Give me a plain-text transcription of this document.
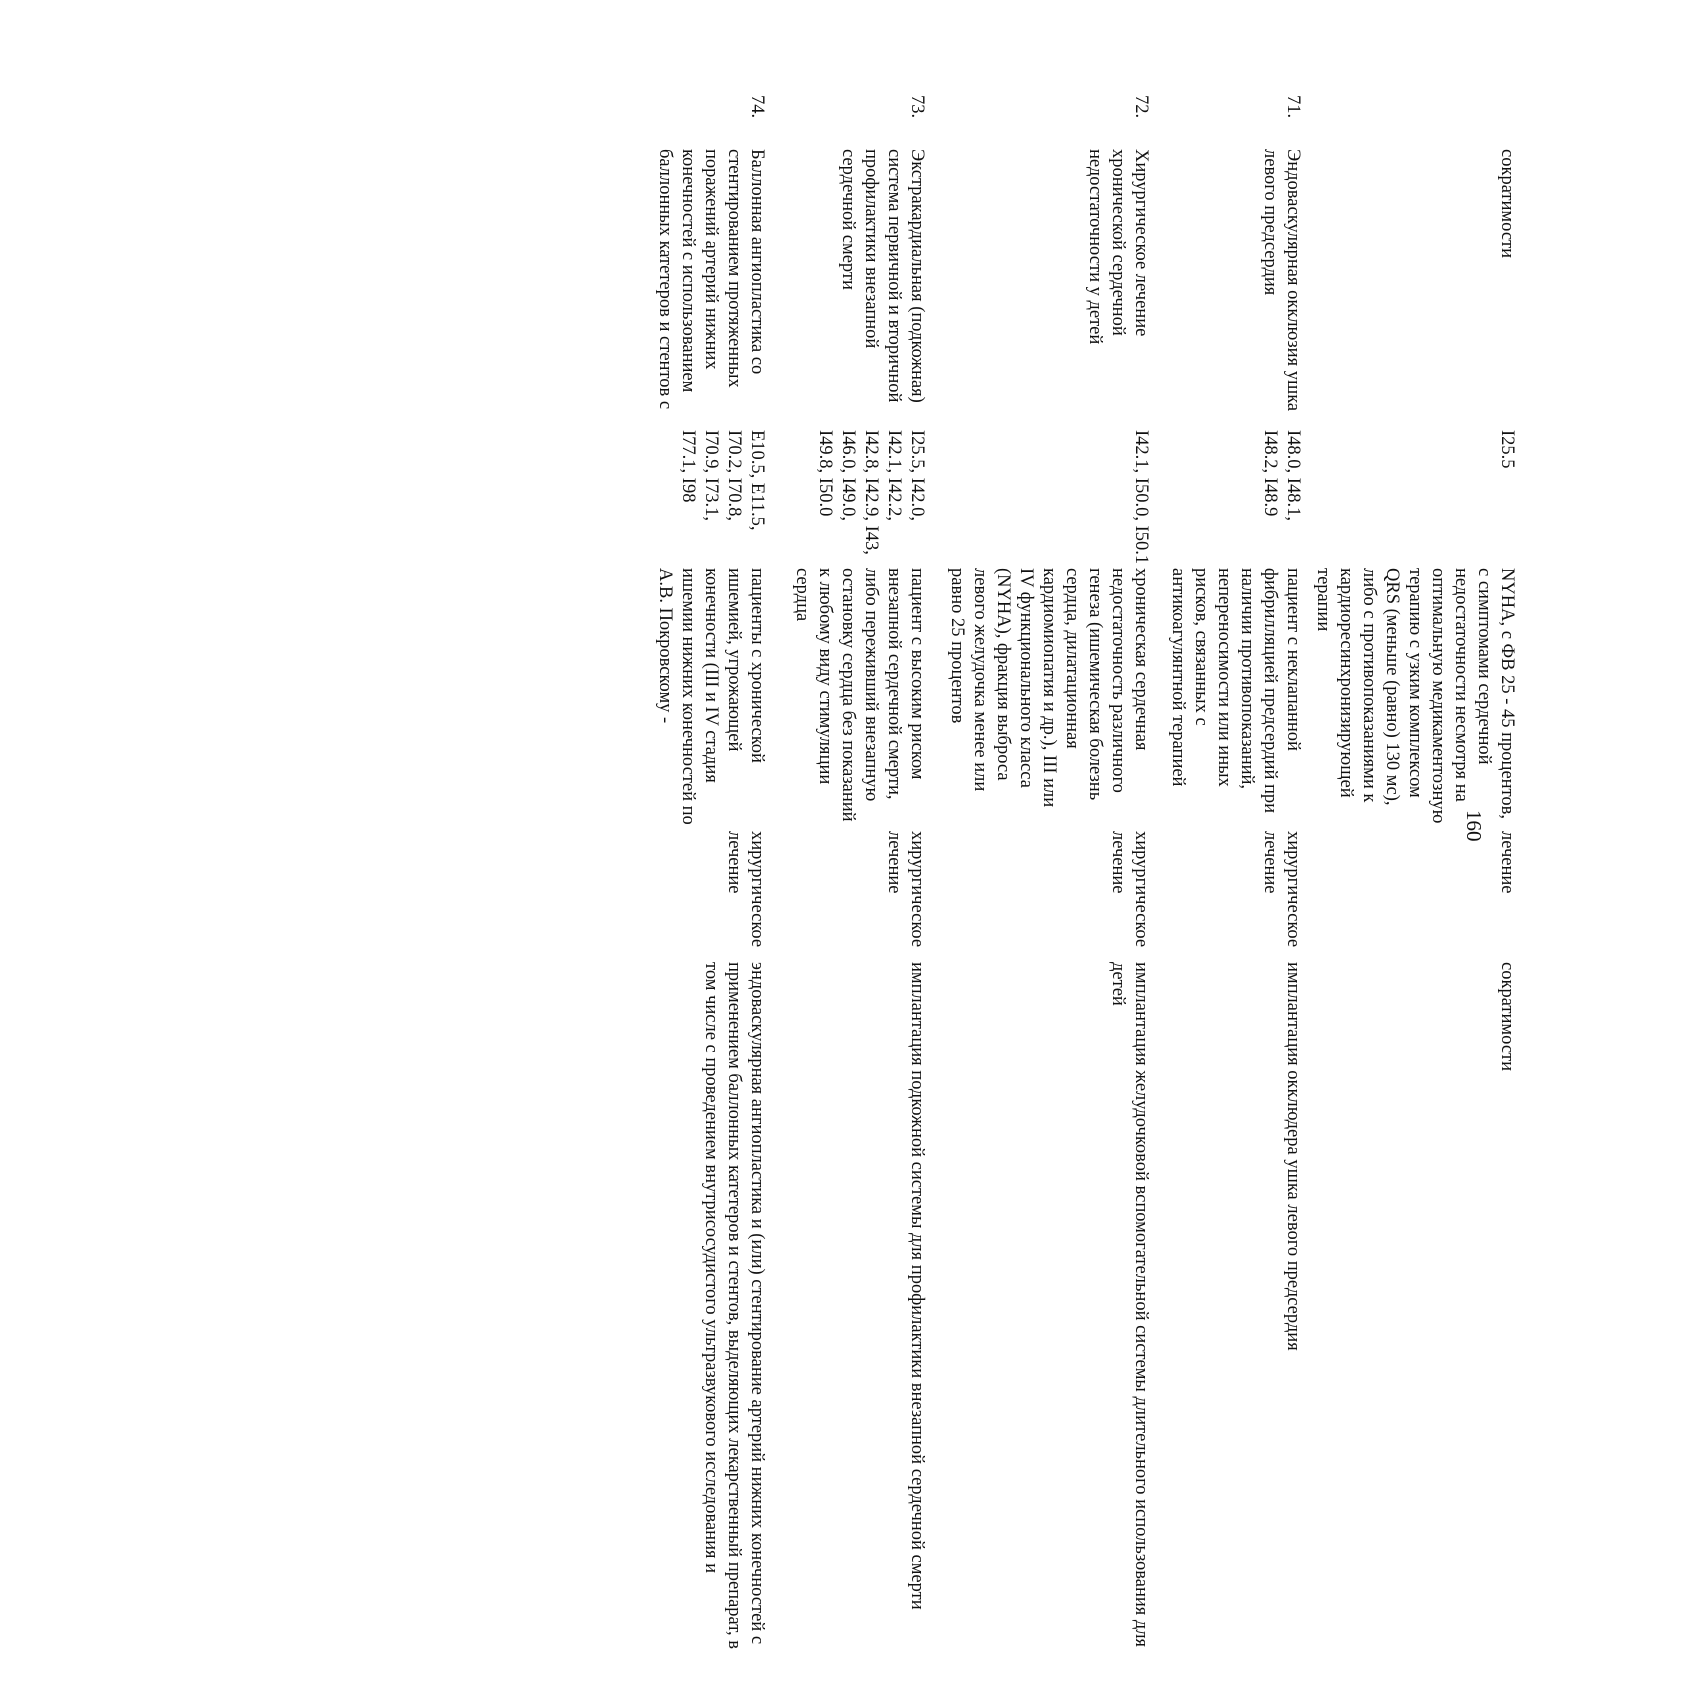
160

	сократимости	I25.5	NYHA, с ФВ 25 - 45 процентов, с симптомами сердечной недостаточности несмотря на оптимальную медикаментозную терапию с узким комплексом QRS (меньше (равно) 130 мс), либо с противопоказаниями к кардиоресинхронизирующей терапии	лечение	сократимости

71.	Эндоваскулярная окклюзия ушка левого предсердия	I48.0, I48.1, I48.2, I48.9	пациент с неклапанной фибрилляцией предсердий при наличии противопоказаний, непереносимости или иных рисков, связанных с антикоагулянтной терапией	хирургическое лечение	имплантация окклюдера ушка левого предсердия

72.	Хирургическое лечение хронической сердечной недостаточности у детей	I42.1, I50.0, I50.1	хроническая сердечная недостаточность различного генеза (ишемическая болезнь сердца, дилатационная кардиомиопатия и др.), III или IV функционального класса (NYHA), фракция выброса левого желудочка менее или равно 25 процентов	хирургическое лечение	имплантация желудочковой вспомогательной системы длительного использования для детей

73.	Экстракардиальная (подкожная) система первичной и вторичной профилактики внезапной сердечной смерти	I25.5, I42.0, I42.1, I42.2, I42.8, I42.9, I43, I46.0, I49.0, I49.8, I50.0	пациент с высоким риском внезапной сердечной смерти, либо переживший внезапную остановку сердца без показаний к любому виду стимуляции сердца	хирургическое лечение	имплантация подкожной системы для профилактики внезапной сердечной смерти

74.	Баллонная ангиопластика со стентированием протяженных поражений артерий нижних конечностей с использованием баллонных катетеров и стентов с	E10.5, E11.5, I70.2, I70.8, I70.9, I73.1, I77.1, I98	пациенты с хронической ишемией, угрожающей конечности (III и IV стадия ишемии нижних конечностей по А.В. Покровскому -	хирургическое лечение	эндоваскулярная ангиопластика и (или) стентирование артерий нижних конечностей с применением баллонных катетеров и стентов, выделяющих лекарственный препарат, в том числе с проведением внутрисосудистого ультразвукового исследования и
